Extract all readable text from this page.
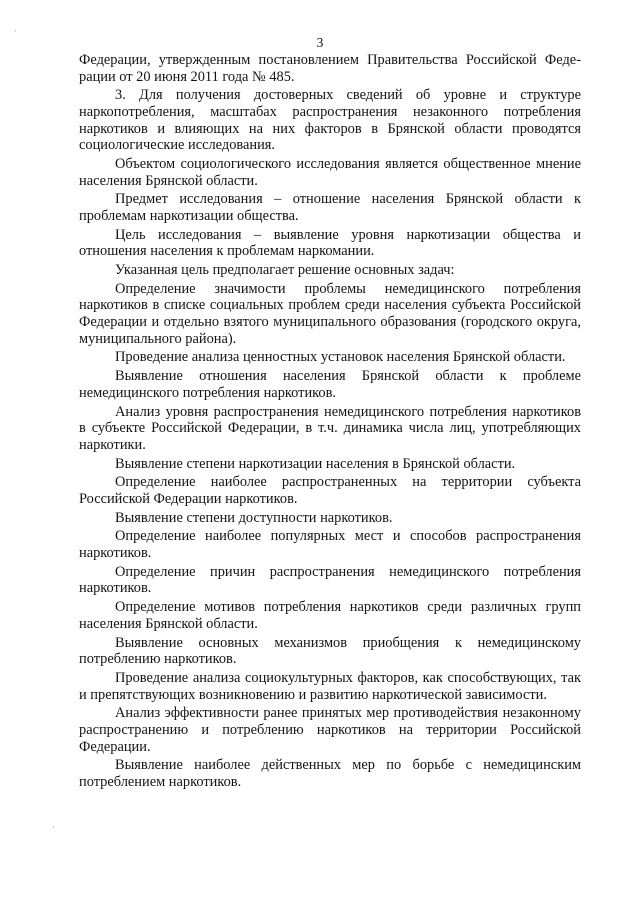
3

Федерации, утвержденным постановлением Правительства Российской Феде-рации от 20 июня 2011 года № 485.

3. Для получения достоверных сведений об уровне и структуре наркопотребления, масштабах распространения незаконного потребления наркотиков и влияющих на них факторов в Брянской области проводятся социологические исследования.

Объектом социологического исследования является общественное мнение населения Брянской области.

Предмет исследования – отношение населения Брянской области к проблемам наркотизации общества.

Цель исследования – выявление уровня наркотизации общества и отношения населения к проблемам наркомании.

Указанная цель предполагает решение основных задач:

Определение значимости проблемы немедицинского потребления наркотиков в списке социальных проблем среди населения субъекта Российской Федерации и отдельно взятого муниципального образования (городского округа, муниципального района).

Проведение анализа ценностных установок населения Брянской области.

Выявление отношения населения Брянской области к проблеме немедицинского потребления наркотиков.

Анализ уровня распространения немедицинского потребления наркотиков в субъекте Российской Федерации, в т.ч. динамика числа лиц, употребляющих наркотики.

Выявление степени наркотизации населения в Брянской области.

Определение наиболее распространенных на территории субъекта Российской Федерации наркотиков.

Выявление степени доступности наркотиков.

Определение наиболее популярных мест и способов распространения наркотиков.

Определение причин распространения немедицинского потребления наркотиков.

Определение мотивов потребления наркотиков среди различных групп населения Брянской области.

Выявление основных механизмов приобщения к немедицинскому потреблению наркотиков.

Проведение анализа социокультурных факторов, как способствующих, так и препятствующих возникновению и развитию наркотической зависимости.

Анализ эффективности ранее принятых мер противодействия незаконному распространению и потреблению наркотиков на территории Российской Федерации.

Выявление наиболее действенных мер по борьбе с немедицинским потреблением наркотиков.

·
·
